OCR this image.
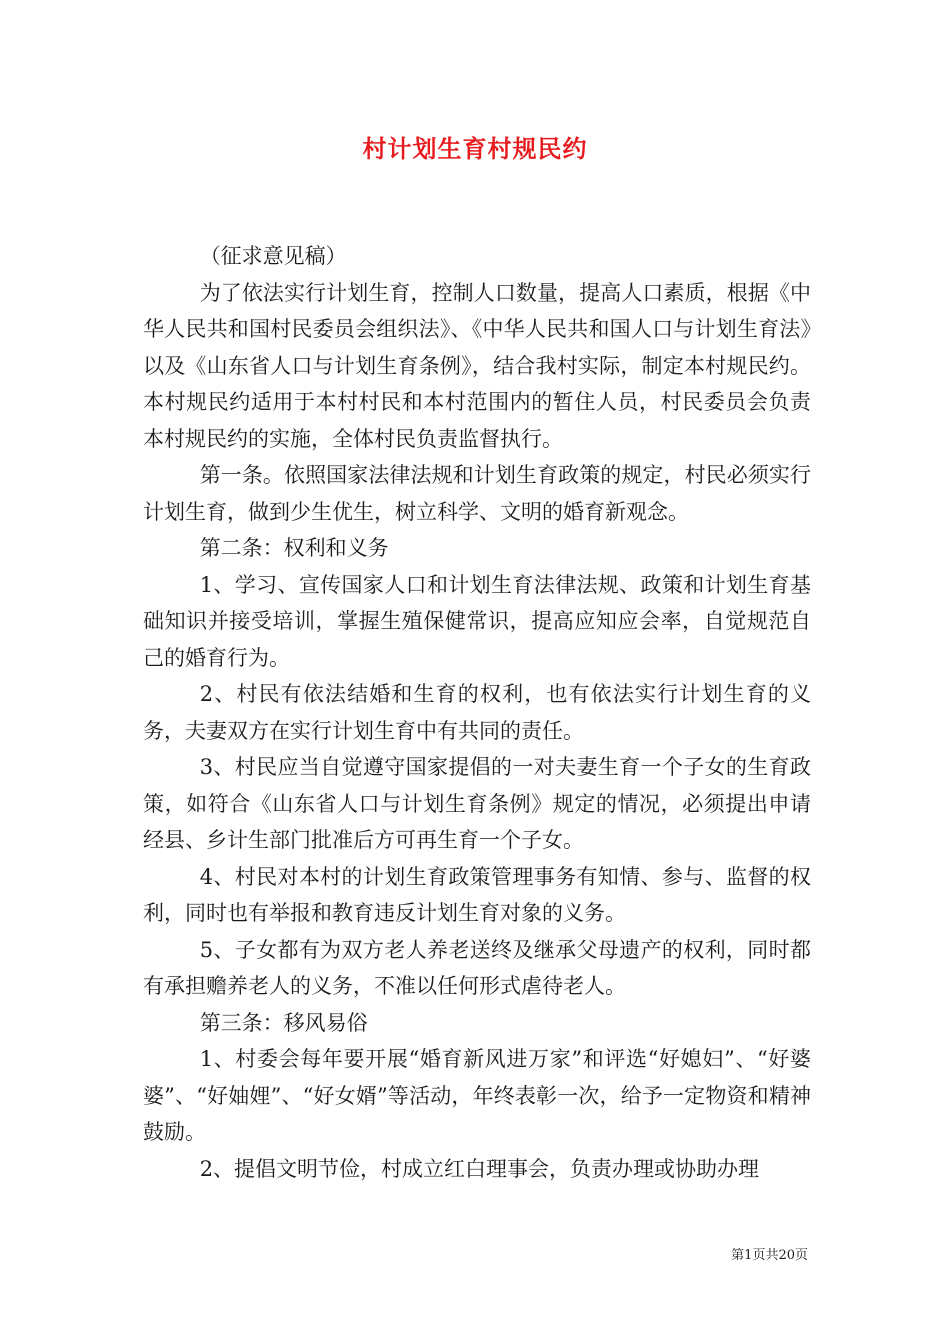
村计划生育村规民约

（征求意见稿）

为了依法实行计划生育，控制人口数量，提高人口素质，根据《中华人民共和国村民委员会组织法》、《中华人民共和国人口与计划生育法》以及《山东省人口与计划生育条例》，结合我村实际，制定本村规民约。本村规民约适用于本村村民和本村范围内的暂住人员，村民委员会负责本村规民约的实施，全体村民负责监督执行。

第一条。依照国家法律法规和计划生育政策的规定，村民必须实行计划生育，做到少生优生，树立科学、文明的婚育新观念。

第二条：权利和义务

1、学习、宣传国家人口和计划生育法律法规、政策和计划生育基础知识并接受培训，掌握生殖保健常识，提高应知应会率，自觉规范自己的婚育行为。

2、村民有依法结婚和生育的权利，也有依法实行计划生育的义务，夫妻双方在实行计划生育中有共同的责任。

3、村民应当自觉遵守国家提倡的一对夫妻生育一个子女的生育政策，如符合《山东省人口与计划生育条例》规定的情况，必须提出申请经县、乡计生部门批准后方可再生育一个子女。

4、村民对本村的计划生育政策管理事务有知情、参与、监督的权利，同时也有举报和教育违反计划生育对象的义务。

5、子女都有为双方老人养老送终及继承父母遗产的权利，同时都有承担赡养老人的义务，不准以任何形式虐待老人。

第三条：移风易俗

1、村委会每年要开展“婚育新风进万家”和评选“好媳妇”、“好婆婆”、“好妯娌”、“好女婿”等活动，年终表彰一次，给予一定物资和精神鼓励。

2、提倡文明节俭，村成立红白理事会，负责办理或协助办理

第1页共20页
